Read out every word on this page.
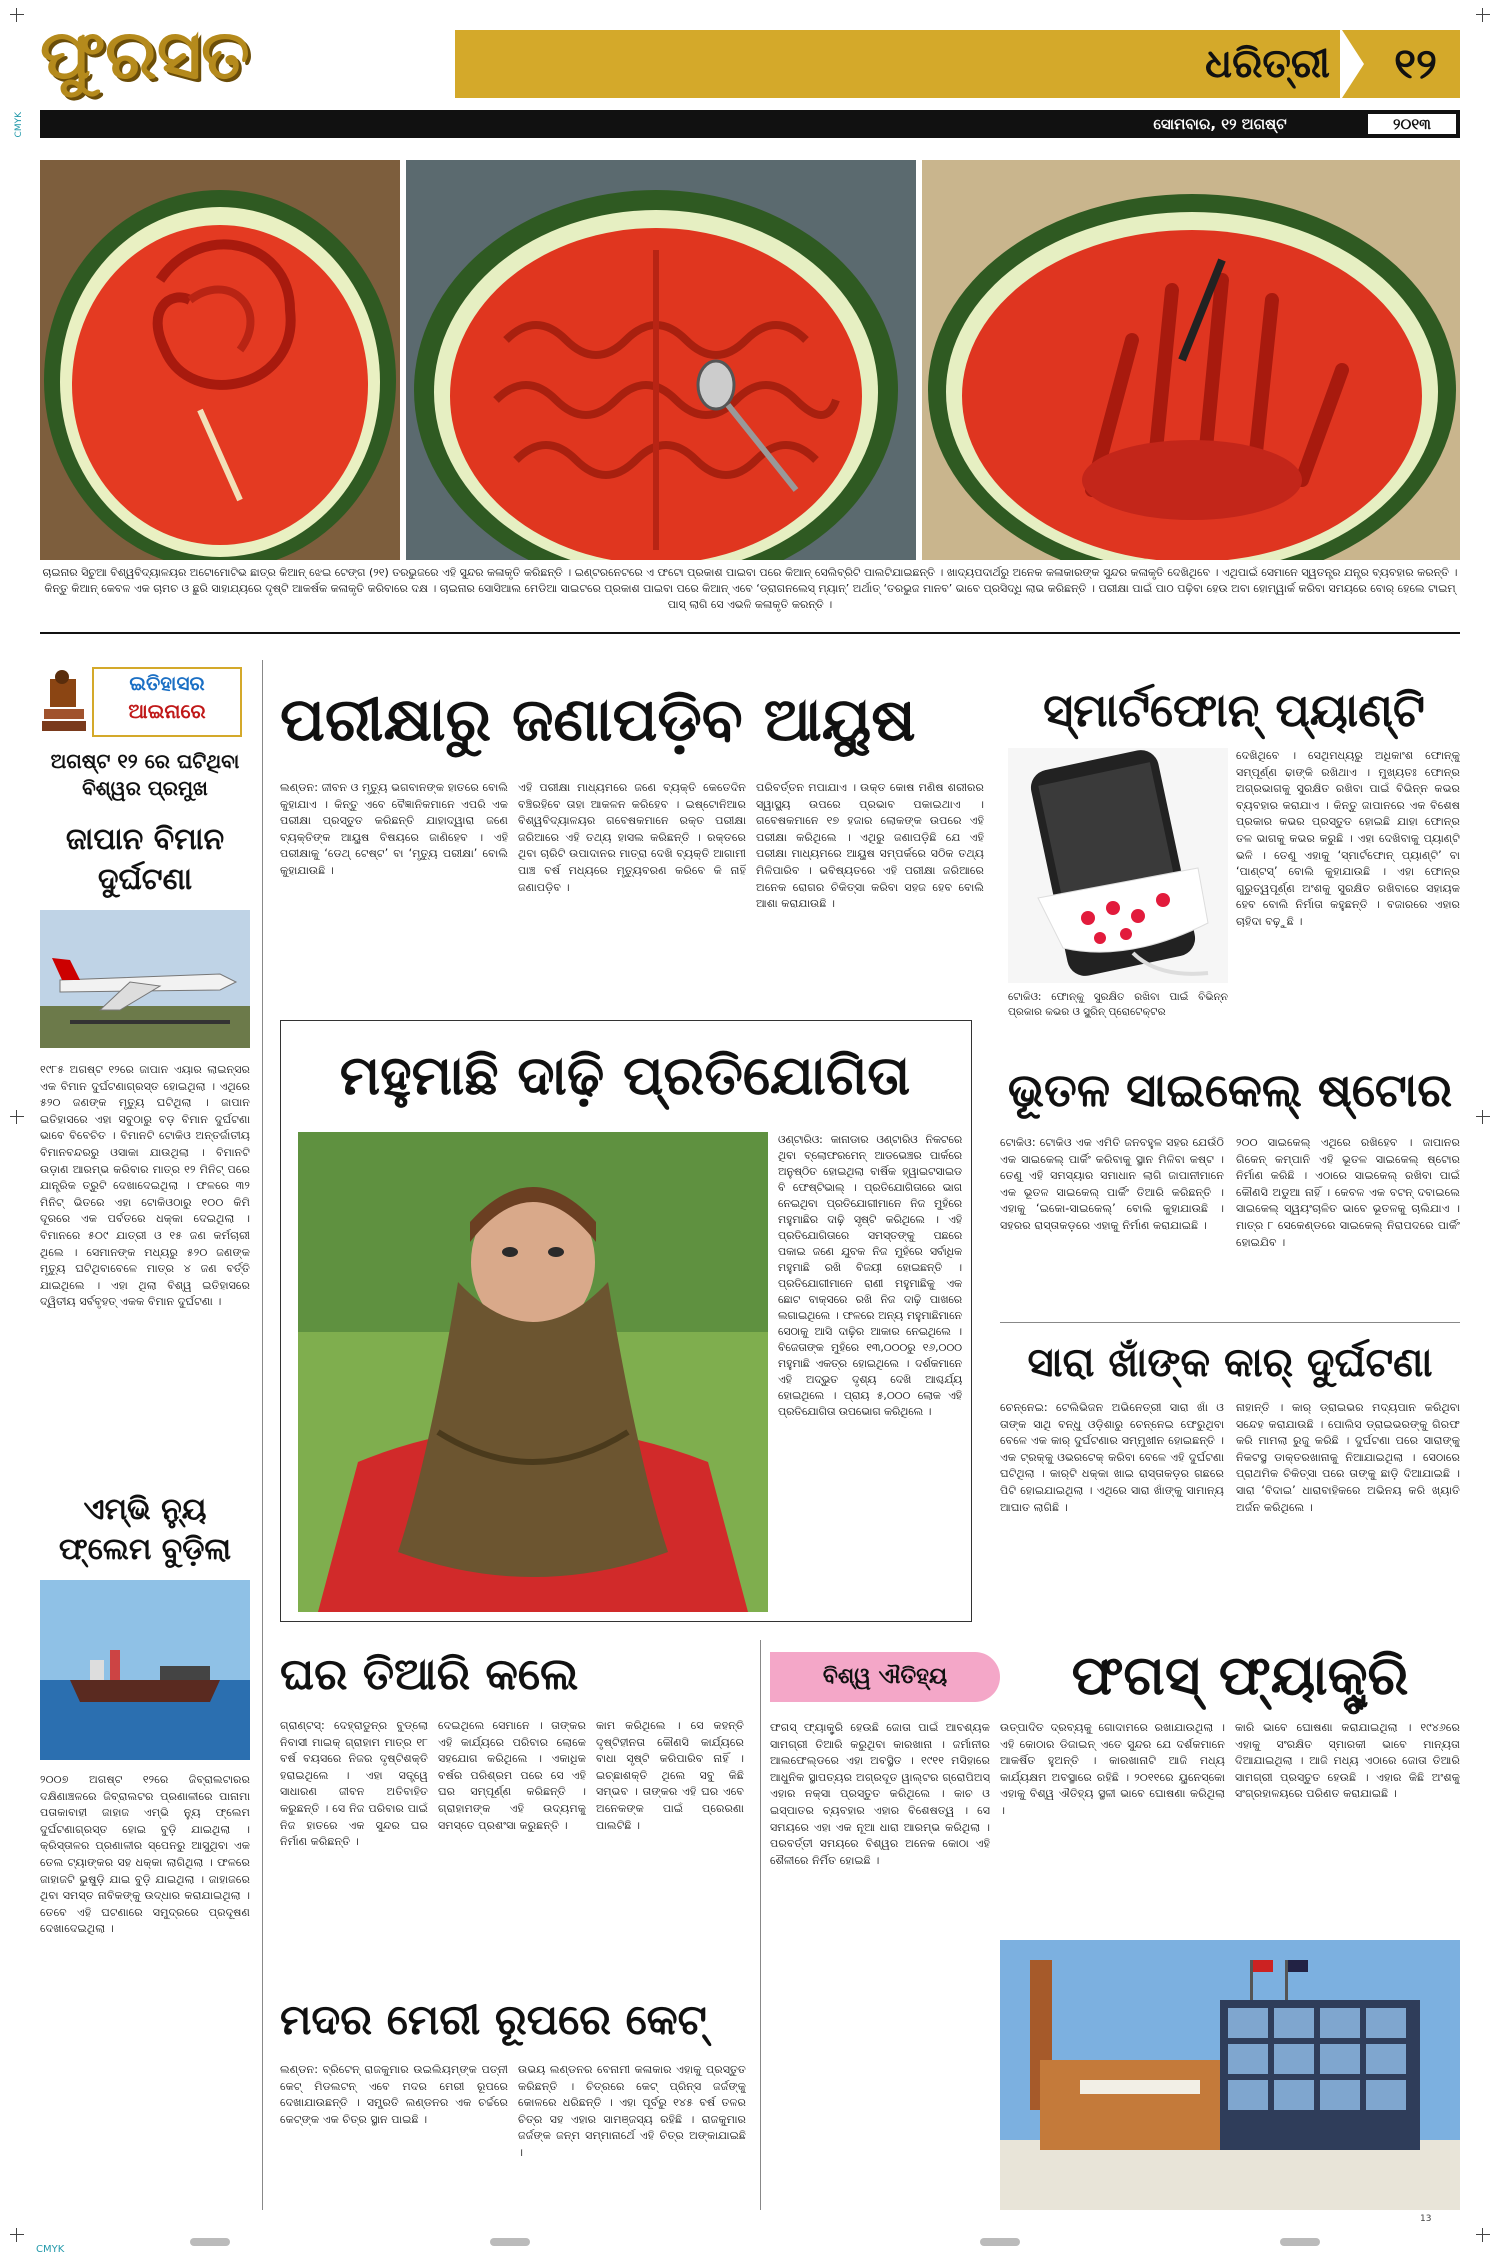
CMYK
CMYK
ଫୁରସତ	ଧରିତ୍ରୀ	୧୨
ସୋମବାର, ୧୨ ଅଗଷ୍ଟ	୨୦୧୩
ଚାଇନାର ସିଚୁଆ ବିଶ୍ୱବିଦ୍ୟାଳୟର ଅଟୋମୋଟିଭ ଛାତ୍ର କିଆନ୍ ଝେଇ ଟେଙ୍ଗ (୨୧) ତରଭୁଜରେ ଏହି ସୁନ୍ଦର କଳାକୃତି କରିଛନ୍ତି । ଇଣ୍ଟରନେଟରେ ଏ ଫଟୋ ପ୍ରକାଶ ପାଇବା ପରେ କିଆନ୍ ସେଲିବ୍ରିଟି ପାଲଟିଯାଇଛନ୍ତି । ଖାଦ୍ୟପଦାର୍ଥରୁ ଅନେକ କଳାକାରଙ୍କ ସୁନ୍ଦର କଳାକୃତି ଦେଖିଥିବେ । ଏଥିପାଇଁ ସେମାନେ ସ୍ୱତନ୍ତ୍ର ଯନ୍ତ୍ର ବ୍ୟବହାର କରନ୍ତି । କିନ୍ତୁ କିଆନ୍ କେବଳ ଏକ ଚାମଚ ଓ ଛୁରି ସାହାଯ୍ୟରେ ଦୃଷ୍ଟି ଆକର୍ଷକ କଳାକୃତି କରିବାରେ ଦକ୍ଷ । ଚାଇନାର ସୋସିଆଲ ମେଡିଆ ସାଇଟରେ ପ୍ରକାଶ ପାଇବା ପରେ କିଆନ୍ ଏବେ ‘ଡ୍ରାଗନଲେସ୍ ମ୍ୟାନ୍’ ଅର୍ଥାତ୍ ‘ତରଭୁଜ ମାନବ’ ଭାବେ ପ୍ରସିଦ୍ଧି ଲାଭ କରିଛନ୍ତି । ପରୀକ୍ଷା ପାଇଁ ପାଠ ପଢ଼ିବା ହେଉ ଅବା ହୋମ୍ୱାର୍କ କରିବା ସମୟରେ ବୋର୍ ହେଲେ ଟାଇମ୍ ପାସ୍ ଲାଗି ସେ ଏଭଳି କଳାକୃତି କରନ୍ତି ।
ଇତିହାସର
ଆଇନାରେ
ଅଗଷ୍ଟ ୧୨ ରେ ଘଟିଥିବା ବିଶ୍ୱର ପ୍ରମୁଖ
ଜାପାନ ବିମାନ ଦୁର୍ଘଟଣା
୧୯୮୫ ଅଗଷ୍ଟ ୧୨ରେ ଜାପାନ ଏୟାର ଲାଇନ୍ସର ଏକ ବିମାନ ଦୁର୍ଘଟଣାଗ୍ରସ୍ତ ହୋଇଥିଲା । ଏଥିରେ ୫୨୦ ଜଣଙ୍କ ମୃତ୍ୟୁ ଘଟିଥିଲା । ଜାପାନ ଇତିହାସରେ ଏହା ସବୁଠାରୁ ବଡ଼ ବିମାନ ଦୁର୍ଘଟଣା ଭାବେ ବିବେଚିତ । ବିମାନଟି ଟୋକିଓ ଅନ୍ତର୍ଜାତୀୟ ବିମାନବନ୍ଦରରୁ ଓସାକା ଯାଉଥିଲା । ବିମାନଟି ଉଡ଼ାଣ ଆରମ୍ଭ କରିବାର ମାତ୍ର ୧୨ ମିନିଟ୍ ପରେ ଯାନ୍ତ୍ରିକ ତ୍ରୁଟି ଦେଖାଦେଇଥିଲା । ଫଳରେ ୩୨ ମିନିଟ୍ ଭିତରେ ଏହା ଟୋକିଓଠାରୁ ୧୦୦ କିମି ଦୂରରେ ଏକ ପର୍ବତରେ ଧକ୍କା ଦେଇଥିଲା । ବିମାନରେ ୫୦୯ ଯାତ୍ରୀ ଓ ୧୫ ଜଣ କର୍ମଚାରୀ ଥିଲେ । ସେମାନଙ୍କ ମଧ୍ୟରୁ ୫୨୦ ଜଣଙ୍କ ମୃତ୍ୟୁ ଘଟିଥିବାବେଳେ ମାତ୍ର ୪ ଜଣ ବର୍ତ୍ତି ଯାଇଥିଲେ । ଏହା ଥିଲା ବିଶ୍ୱ ଇତିହାସରେ ଦ୍ୱିତୀୟ ସର୍ବବୃହତ୍ ଏକକ ବିମାନ ଦୁର୍ଘଟଣା ।
ଏମ୍‌ଭି ନ୍ୟୁ ଫ୍ଲେମ ବୁଡ଼ିଲା
୨୦୦୭ ଅଗଷ୍ଟ ୧୨ରେ ଜିବ୍ରାଲଟାରର ଦକ୍ଷିଣାଞ୍ଚଳରେ ଜିବ୍ରାଲଟର ପ୍ରଣାଳୀରେ ପାନାମା ପତାକାବାହୀ ଜାହାଜ ଏମ୍‌ଭି ନ୍ୟୁ ଫ୍ଲେମ ଦୁର୍ଘଟଣାଗ୍ରସ୍ତ ହୋଇ ବୁଡ଼ି ଯାଇଥିଲା । କ୍ରିସ୍ତାଳର ପ୍ରଣାଳୀର ସ୍ପେନରୁ ଆସୁଥିବା ଏକ ତେଲ ଟ୍ୟାଙ୍କର ସହ ଧକ୍କା ଲାଗିଥିଲା । ଫଳରେ ଜାହାଜଟି ଭୁଷୁଡ଼ି ଯାଇ ବୁଡ଼ି ଯାଇଥିଲା । ଜାହାଜରେ ଥିବା ସମସ୍ତ ନାବିକଙ୍କୁ ଉଦ୍ଧାର କରାଯାଇଥିଲା । ତେବେ ଏହି ଘଟଣାରେ ସମୁଦ୍ରରେ ପ୍ରଦୂଷଣ ଦେଖାଦେଇଥିଲା ।
ପରୀକ୍ଷାରୁ ଜଣାପଡ଼ିବ ଆୟୁଷ
ଲଣ୍ଡନ: ଜୀବନ ଓ ମୃତ୍ୟୁ ଭଗବାନଙ୍କ ହାତରେ ବୋଲି କୁହାଯାଏ । କିନ୍ତୁ ଏବେ ବୈଜ୍ଞାନିକମାନେ ଏପରି ଏକ ପରୀକ୍ଷା ପ୍ରସ୍ତୁତ କରିଛନ୍ତି ଯାହାଦ୍ୱାରା ଜଣେ ବ୍ୟକ୍ତିଙ୍କ ଆୟୁଷ ବିଷୟରେ ଜାଣିହେବ । ଏହି ପରୀକ୍ଷାକୁ ‘ଡେଥ୍ ଟେଷ୍ଟ’ ବା ‘ମୃତ୍ୟୁ ପରୀକ୍ଷା’ ବୋଲି କୁହାଯାଉଛି ।
ଏହି ପରୀକ୍ଷା ମାଧ୍ୟମରେ ଜଣେ ବ୍ୟକ୍ତି କେତେଦିନ ବଞ୍ଚିରହିବେ ତାହା ଆକଳନ କରିହେବ । ଇଷ୍ଟୋନିଆର ବିଶ୍ୱବିଦ୍ୟାଳୟର ଗବେଷକମାନେ ରକ୍ତ ପରୀକ୍ଷା ଜରିଆରେ ଏହି ତଥ୍ୟ ହାସଲ କରିଛନ୍ତି । ରକ୍ତରେ ଥିବା ଚାରିଟି ଉପାଦାନର ମାତ୍ରା ଦେଖି ବ୍ୟକ୍ତି ଆଗାମୀ ପାଞ୍ଚ ବର୍ଷ ମଧ୍ୟରେ ମୃତ୍ୟୁବରଣ କରିବେ କି ନାହିଁ ଜଣାପଡ଼ିବ ।
ପରିବର୍ତ୍ତନ ମପାଯାଏ । ଉକ୍ତ କୋଷ ମଣିଷ ଶରୀରର ସ୍ୱାସ୍ଥ୍ୟ ଉପରେ ପ୍ରଭାବ ପକାଇଥାଏ । ଗବେଷକମାନେ ୧୭ ହଜାର ଲୋକଙ୍କ ଉପରେ ଏହି ପରୀକ୍ଷା କରିଥିଲେ । ଏଥିରୁ ଜଣାପଡ଼ିଛି ଯେ ଏହି ପରୀକ୍ଷା ମାଧ୍ୟମରେ ଆୟୁଷ ସମ୍ପର୍କରେ ସଠିକ ତଥ୍ୟ ମିଳିପାରିବ । ଭବିଷ୍ୟତରେ ଏହି ପରୀକ୍ଷା ଜରିଆରେ ଅନେକ ରୋଗର ଚିକିତ୍ସା କରିବା ସହଜ ହେବ ବୋଲି ଆଶା କରାଯାଉଛି ।
ସ୍ମାର୍ଟଫୋନ୍ ପ୍ୟାଣ୍ଟି
ଟୋକିଓ: ଫୋନ୍‌କୁ ସୁରକ୍ଷିତ ରଖିବା ପାଇଁ ବିଭିନ୍ନ ପ୍ରକାର କଭର ଓ ସ୍କ୍ରିନ୍ ପ୍ରୋଟେକ୍ଟର
ଦେଖିଥିବେ । ସେଥିମଧ୍ୟରୁ ଅଧିକାଂଶ ଫୋନ୍‌କୁ ସମ୍ପୂର୍ଣ୍ଣ ଢାଙ୍କି ରଖିଥାଏ । ମୁଖ୍ୟତଃ ଫୋନ୍‌ର ଅଗ୍ରଭାଗକୁ ସୁରକ୍ଷିତ ରଖିବା ପାଇଁ ବିଭିନ୍ନ କଭର ବ୍ୟବହାର କରାଯାଏ । କିନ୍ତୁ ଜାପାନରେ ଏକ ବିଶେଷ ପ୍ରକାର କଭର ପ୍ରସ୍ତୁତ ହୋଇଛି ଯାହା ଫୋନ୍‌ର ତଳ ଭାଗକୁ କଭର କରୁଛି । ଏହା ଦେଖିବାକୁ ପ୍ୟାଣ୍ଟି ଭଳି । ତେଣୁ ଏହାକୁ ‘ସ୍ମାର୍ଟଫୋନ୍ ପ୍ୟାଣ୍ଟି’ ବା ‘ପାଣ୍ଟସ୍’ ବୋଲି କୁହାଯାଉଛି । ଏହା ଫୋନ୍‌ର ଗୁରୁତ୍ୱପୂର୍ଣ୍ଣ ଅଂଶକୁ ସୁରକ୍ଷିତ ରଖିବାରେ ସହାୟକ ହେବ ବୋଲି ନିର୍ମାତା କହୁଛନ୍ତି । ବଜାରରେ ଏହାର ଚାହିଦା ବଢ଼ୁଛି ।
ମହୁମାଛି ଦାଢ଼ି ପ୍ରତିଯୋଗିତା
ଓଣ୍ଟାରିଓ: କାନାଡାର ଓଣ୍ଟାରିଓ ନିକଟରେ ଥିବା ବ୍ଲୋଫରମେନ୍ ଆଡଭେଞ୍ଚର ପାର୍କରେ ଅନୁଷ୍ଠିତ ହୋଇଥିଲା ବାର୍ଷିକ ହ୍ୱାଇଟସାଇଡ ବି ଫେଷ୍ଟିଭାଲ୍ । ପ୍ରତିଯୋଗିତାରେ ଭାଗ ନେଇଥିବା ପ୍ରତିଯୋଗୀମାନେ ନିଜ ମୁହଁରେ ମହୁମାଛିର ଦାଢ଼ି ସୃଷ୍ଟି କରିଥିଲେ । ଏହି ପ୍ରତିଯୋଗିତାରେ ସମସ୍ତଙ୍କୁ ପଛରେ ପକାଇ ଜଣେ ଯୁବକ ନିଜ ମୁହଁରେ ସର୍ବାଧିକ ମହୁମାଛି ରଖି ବିଜୟୀ ହୋଇଛନ୍ତି । ପ୍ରତିଯୋଗୀମାନେ ରାଣୀ ମହୁମାଛିକୁ ଏକ ଛୋଟ ବାକ୍ସରେ ରଖି ନିଜ ଦାଢ଼ି ପାଖରେ ଲଗାଇଥିଲେ । ଫଳରେ ଅନ୍ୟ ମହୁମାଛିମାନେ ସେଠାକୁ ଆସି ଦାଢ଼ିର ଆକାର ନେଇଥିଲେ । ବିଜେତାଙ୍କ ମୁହଁରେ ୧୩,୦୦୦ରୁ ୧୬,୦୦୦ ମହୁମାଛି ଏକତ୍ର ହୋଇଥିଲେ । ଦର୍ଶକମାନେ ଏହି ଅଦ୍ଭୁତ ଦୃଶ୍ୟ ଦେଖି ଆଶ୍ଚର୍ଯ୍ୟ ହୋଇଥିଲେ । ପ୍ରାୟ ୫,୦୦୦ ଲୋକ ଏହି ପ୍ରତିଯୋଗିତା ଉପଭୋଗ କରିଥିଲେ ।
ଭୂତଳ ସାଇକେଲ୍ ଷ୍ଟୋର
ଟୋକିଓ: ଟୋକିଓ ଏକ ଏମିତି ଜନବହୁଳ ସହର ଯେଉଁଠି ଏକ ସାଇକେଲ୍ ପାର୍କିଂ କରିବାକୁ ସ୍ଥାନ ମିଳିବା କଷ୍ଟ । ତେଣୁ ଏହି ସମସ୍ୟାର ସମାଧାନ ଲାଗି ଜାପାନୀମାନେ ଏକ ଭୂତଳ ସାଇକେଲ୍ ପାର୍କିଂ ତିଆରି କରିଛନ୍ତି । ଏହାକୁ ‘ଇକୋ-ସାଇକେଲ୍’ ବୋଲି କୁହାଯାଉଛି । ସହରର ରାସ୍ତାକଡ଼ରେ ଏହାକୁ ନିର୍ମାଣ କରାଯାଇଛି ।
୨୦୦ ସାଇକେଲ୍ ଏଥିରେ ରଖିହେବ । ଜାପାନର ଗିକେନ୍ କମ୍ପାନି ଏହି ଭୂତଳ ସାଇକେଲ୍ ଷ୍ଟୋର ନିର୍ମାଣ କରିଛି । ଏଠାରେ ସାଇକେଲ୍ ରଖିବା ପାଇଁ କୌଣସି ଅଡୁଆ ନାହିଁ । କେବଳ ଏକ ବଟନ୍ ଦବାଇଲେ ସାଇକେଲ୍ ସ୍ୱୟଂଚାଳିତ ଭାବେ ଭୂତଳକୁ ଚାଲିଯାଏ । ମାତ୍ର ୮ ସେକେଣ୍ଡରେ ସାଇକେଲ୍ ନିରାପଦରେ ପାର୍କିଂ ହୋଇଯିବ ।
ସାରା ଖାଁଙ୍କ କାର୍ ଦୁର୍ଘଟଣା
ଚେନ୍ନେଇ: ଟେଲିଭିଜନ ଅଭିନେତ୍ରୀ ସାରା ଖାଁ ଓ ତାଙ୍କ ସାଥି ବନ୍ଧୁ ଓଡ଼ିଶାରୁ ଚେନ୍ନେଇ ଫେରୁଥିବା ବେଳେ ଏକ କାର୍ ଦୁର୍ଘଟଣାର ସମ୍ମୁଖୀନ ହୋଇଛନ୍ତି । ଏକ ଟ୍ରକ୍‌କୁ ଓଭରଟେକ୍ କରିବା ବେଳେ ଏହି ଦୁର୍ଘଟଣା ଘଟିଥିଲା । କାର୍‌ଟି ଧକ୍କା ଖାଇ ରାସ୍ତାକଡ଼ର ଗଛରେ ପିଟି ହୋଇଯାଇଥିଲା । ଏଥିରେ ସାରା ଖାଁଙ୍କୁ ସାମାନ୍ୟ ଆଘାତ ଲାଗିଛି ।
ନାହାନ୍ତି । କାର୍ ଡ୍ରାଇଭର ମଦ୍ୟପାନ କରିଥିବା ସନ୍ଦେହ କରାଯାଉଛି । ପୋଲିସ ଡ୍ରାଇଭରଙ୍କୁ ଗିରଫ କରି ମାମଲା ରୁଜୁ କରିଛି । ଦୁର୍ଘଟଣା ପରେ ସାରାଙ୍କୁ ନିକଟସ୍ଥ ଡାକ୍ତରଖାନାକୁ ନିଆଯାଇଥିଲା । ସେଠାରେ ପ୍ରାଥମିକ ଚିକିତ୍ସା ପରେ ତାଙ୍କୁ ଛାଡ଼ି ଦିଆଯାଇଛି । ସାରା ‘ବିଦାଇ’ ଧାରାବାହିକରେ ଅଭିନୟ କରି ଖ୍ୟାତି ଅର୍ଜନ କରିଥିଲେ ।
ଘର ତିଆରି କଲେ
ଗ୍ରାଣ୍ଟସ୍: ଦେହ୍ରାଡୁନ୍ର ବୁଡ୍‌ଲୋ ନିବାସୀ ମାଇକ୍ ଗ୍ରାହାମ ମାତ୍ର ୧୮ ବର୍ଷ ବୟସରେ ନିଜର ଦୃଷ୍ଟିଶକ୍ତି ହରାଇଥିଲେ । ଏହା ସତ୍ତ୍ୱେ ସାଧାରଣ ଜୀବନ ଅତିବାହିତ କରୁଛନ୍ତି । ସେ ନିଜ ପରିବାର ପାଇଁ ନିଜ ହାତରେ ଏକ ସୁନ୍ଦର ଘର ନିର୍ମାଣ କରିଛନ୍ତି ।
ଦେଇଥିଲେ ସେମାନେ । ତାଙ୍କର ଏହି କାର୍ଯ୍ୟରେ ପରିବାର ଲୋକେ ସହଯୋଗ କରିଥିଲେ । ଏକାଧିକ ବର୍ଷର ପରିଶ୍ରମ ପରେ ସେ ଏହି ଘର ସମ୍ପୂର୍ଣ୍ଣ କରିଛନ୍ତି । ଗ୍ରାହାମଙ୍କ ଏହି ଉଦ୍ୟମକୁ ସମସ୍ତେ ପ୍ରଶଂସା କରୁଛନ୍ତି ।
କାମ କରିଥିଲେ । ସେ କହନ୍ତି ଦୃଷ୍ଟିହୀନତା କୌଣସି କାର୍ଯ୍ୟରେ ବାଧା ସୃଷ୍ଟି କରିପାରିବ ନାହିଁ । ଇଚ୍ଛାଶକ୍ତି ଥିଲେ ସବୁ କିଛି ସମ୍ଭବ । ତାଙ୍କର ଏହି ଘର ଏବେ ଅନେକଙ୍କ ପାଇଁ ପ୍ରେରଣା ପାଲଟିଛି ।
ମଦର ମେରୀ ରୂପରେ କେଟ୍
ଲଣ୍ଡନ: ବ୍ରିଟେନ୍ ରାଜକୁମାର ଉଇଲିୟମ୍‌ଙ୍କ ପତ୍ନୀ କେଟ୍ ମିଡଲଟନ୍ ଏବେ ମଦର ମେରୀ ରୂପରେ ଦେଖାଯାଉଛନ୍ତି । ସମ୍ପ୍ରତି ଲଣ୍ଡନର ଏକ ଚର୍ଚ୍ଚରେ କେଟ୍‌ଙ୍କ ଏକ ଚିତ୍ର ସ୍ଥାନ ପାଇଛି ।
ଉଭୟ ଲଣ୍ଡନର ବେନାମୀ କଳାକାର ଏହାକୁ ପ୍ରସ୍ତୁତ କରିଛନ୍ତି । ଚିତ୍ରରେ କେଟ୍ ପ୍ରିନ୍ସ ଜର୍ଜଙ୍କୁ କୋଳରେ ଧରିଛନ୍ତି । ଏହା ପୂର୍ବରୁ ୧୪୫ ବର୍ଷ ତଳର ଚିତ୍ର ସହ ଏହାର ସାମଞ୍ଜସ୍ୟ ରହିଛି । ରାଜକୁମାର ଜର୍ଜଙ୍କ ଜନ୍ମ ସମ୍ମାନାର୍ଥେ ଏହି ଚିତ୍ର ଅଙ୍କାଯାଇଛି ।
ବିଶ୍ୱ ଐତିହ୍ୟ	ଫଗସ୍ ଫ୍ୟାକ୍ଟ୍ରି
ଫଗସ୍ ଫ୍ୟାକ୍ଟ୍ରି ହେଉଛି ଜୋତା ପାଇଁ ଆବଶ୍ୟକ ସାମଗ୍ରୀ ତିଆରି କରୁଥିବା କାରଖାନା । ଜର୍ମାନୀର ଆଲଫେଲ୍ଡରେ ଏହା ଅବସ୍ଥିତ । ୧୯୧୧ ମସିହାରେ ଆଧୁନିକ ସ୍ଥାପତ୍ୟର ଅଗ୍ରଦୂତ ୱାଲ୍ଟର ଗ୍ରୋପିଅସ୍ ଏହାର ନକ୍ସା ପ୍ରସ୍ତୁତ କରିଥିଲେ । କାଚ ଓ ଇସ୍ପାତର ବ୍ୟବହାର ଏହାର ବିଶେଷତ୍ୱ । ସେ ସମୟରେ ଏହା ଏକ ନୂଆ ଧାରା ଆରମ୍ଭ କରିଥିଲା । ପରବର୍ତ୍ତୀ ସମୟରେ ବିଶ୍ୱର ଅନେକ କୋଠା ଏହି ଶୈଳୀରେ ନିର୍ମିତ ହୋଇଛି ।
ଉତ୍ପାଦିତ ଦ୍ରବ୍ୟକୁ ଗୋଦାମରେ ରଖାଯାଉଥିଲା । ଏହି କୋଠାର ଡିଜାଇନ୍ ଏତେ ସୁନ୍ଦର ଯେ ଦର୍ଶକମାନେ ଆକର୍ଷିତ ହୁଅନ୍ତି । କାରଖାନାଟି ଆଜି ମଧ୍ୟ କାର୍ଯ୍ୟକ୍ଷମ ଅବସ୍ଥାରେ ରହିଛି । ୨୦୧୧ରେ ୟୁନେସ୍କୋ ଏହାକୁ ବିଶ୍ୱ ଐତିହ୍ୟ ସ୍ଥଳୀ ଭାବେ ଘୋଷଣା କରିଥିଲା ।
କାରି ଭାବେ ଘୋଷଣା କରାଯାଇଥିଲା । ୧୯୪୬ରେ ଏହାକୁ ସଂରକ୍ଷିତ ସ୍ମାରକୀ ଭାବେ ମାନ୍ୟତା ଦିଆଯାଇଥିଲା । ଆଜି ମଧ୍ୟ ଏଠାରେ ଜୋତା ତିଆରି ସାମଗ୍ରୀ ପ୍ରସ୍ତୁତ ହେଉଛି । ଏହାର କିଛି ଅଂଶକୁ ସଂଗ୍ରହାଳୟରେ ପରିଣତ କରାଯାଇଛି ।
13
